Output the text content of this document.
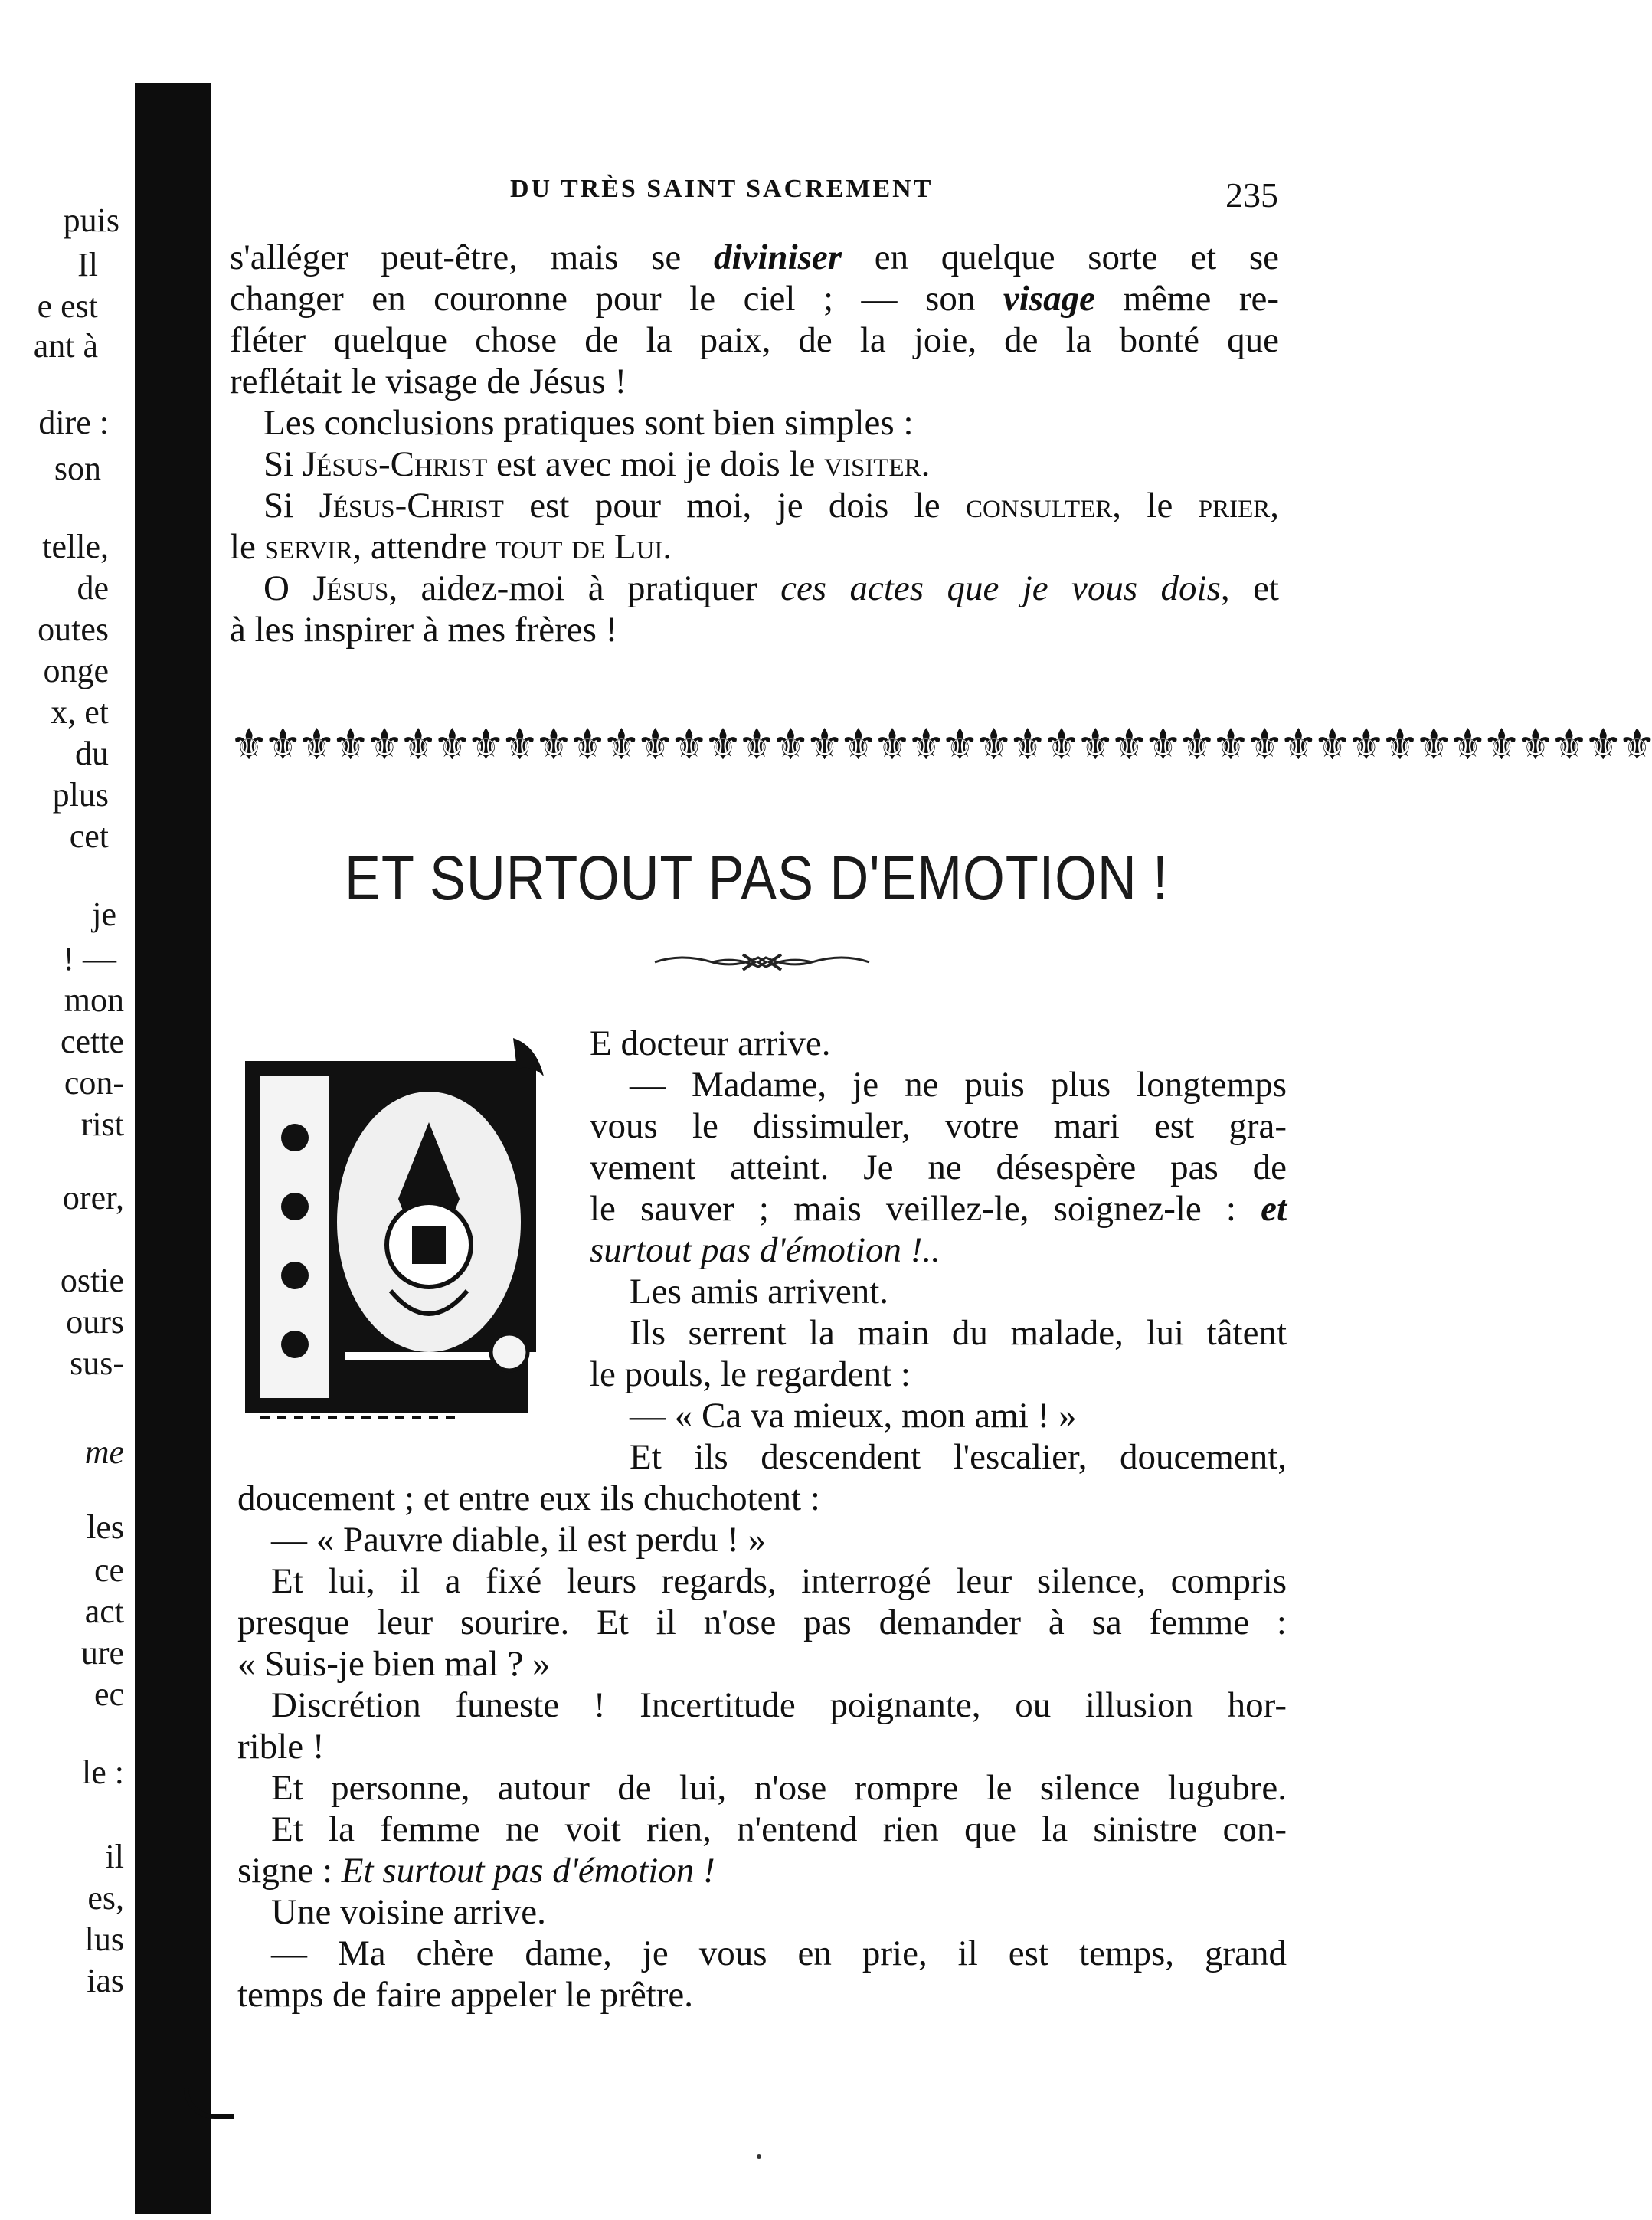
puis
Il
e est
ant à
dire :
son
telle,
de
outes
onge
x, et
du
plus
cet
je
! —
mon
cette
con-
rist
orer,
ostie
ours
sus-
me
les
ce
act
ure
ec
le :
il
es,
lus
ias
DU TRÈS SAINT SACREMENT	235
s'alléger peut-être, mais se diviniser en quelque sorte et se
changer en couronne pour le ciel ; — son visage même re-
fléter quelque chose de la paix, de la joie, de la bonté que
reflétait le visage de Jésus !
Les conclusions pratiques sont bien simples :
Si Jésus-Christ est avec moi je dois le visiter.
Si Jésus-Christ est pour moi, je dois le consulter, le prier,
le servir, attendre tout de Lui.
O Jésus, aidez-moi à pratiquer ces actes que je vous dois, et
à les inspirer à mes frères !
⚜⚜⚜⚜⚜⚜⚜⚜⚜⚜⚜⚜⚜⚜⚜⚜⚜⚜⚜⚜⚜⚜⚜⚜⚜⚜⚜⚜⚜⚜⚜⚜⚜⚜⚜⚜⚜⚜⚜⚜⚜⚜
ET SURTOUT PAS D'EMOTION !
E docteur arrive.
— Madame, je ne puis plus longtemps
vous le dissimuler, votre mari est gra-
vement atteint. Je ne désespère pas de
le sauver ; mais veillez-le, soignez-le : et
surtout pas d'émotion !..
Les amis arrivent.
Ils serrent la main du malade, lui tâtent
le pouls, le regardent :
— « Ca va mieux, mon ami ! »
Et ils descendent l'escalier, doucement,
doucement ; et entre eux ils chuchotent :
— « Pauvre diable, il est perdu ! »
Et lui, il a fixé leurs regards, interrogé leur silence, compris
presque leur sourire. Et il n'ose pas demander à sa femme :
« Suis-je bien mal ? »
Discrétion funeste ! Incertitude poignante, ou illusion hor-
rible !
Et personne, autour de lui, n'ose rompre le silence lugubre.
Et la femme ne voit rien, n'entend rien que la sinistre con-
signe : Et surtout pas d'émotion !
Une voisine arrive.
— Ma chère dame, je vous en prie, il est temps, grand
temps de faire appeler le prêtre.
